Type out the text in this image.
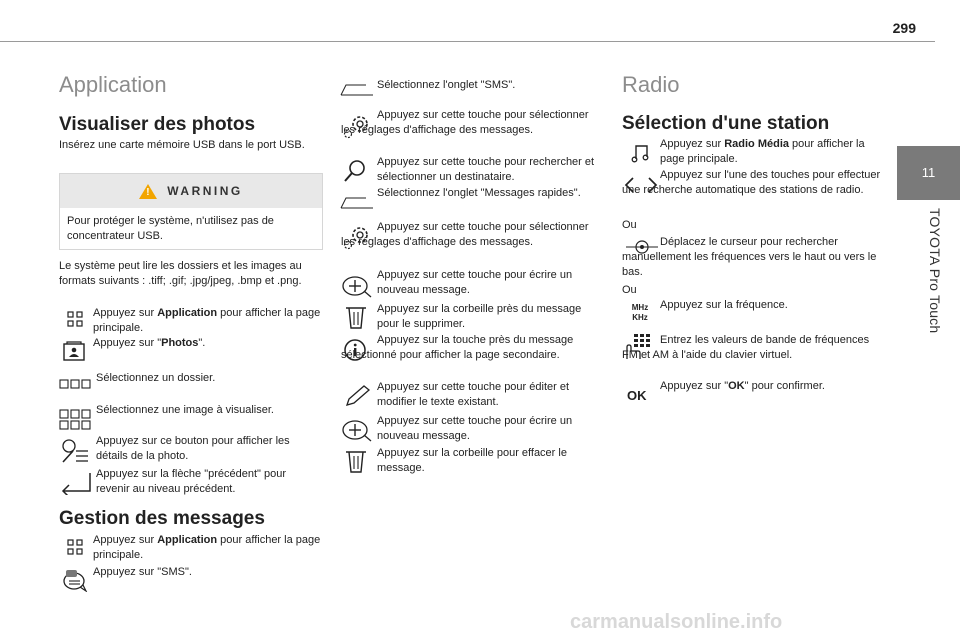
299
11
TOYOTA Pro Touch
Application
Visualiser des photos
Insérez une carte mémoire USB dans le port USB.
!
WARNING
Pour protéger le système, n'utilisez pas de concentrateur USB.
Le système peut lire les dossiers et les images au formats suivants : .tiff; .gif; .jpg/jpeg, .bmp et .png.
Appuyez sur Application pour afficher la page principale.
Appuyez sur "Photos".
Sélectionnez un dossier.
Sélectionnez une image à visualiser.
Appuyez sur ce bouton pour afficher les détails de la photo.
Appuyez sur la flèche "précédent" pour revenir au niveau précédent.
Gestion des messages
Appuyez sur Application pour afficher la page principale.
Appuyez sur "SMS".
Sélectionnez l'onglet "SMS".
Appuyez sur cette touche pour sélectionner les réglages d'affichage des messages.
Appuyez sur cette touche pour rechercher et sélectionner un destinataire.
Sélectionnez l'onglet "Messages rapides".
Appuyez sur cette touche pour sélectionner les réglages d'affichage des messages.
Appuyez sur cette touche pour écrire un nouveau message.
Appuyez sur la corbeille près du message pour le supprimer.
Appuyez sur la touche près du message sélectionné pour afficher la page secondaire.
Appuyez sur cette touche pour éditer et modifier le texte existant.
Appuyez sur cette touche pour écrire un nouveau message.
Appuyez sur la corbeille pour effacer le message.
Radio
Sélection d'une station
Appuyez sur Radio Média pour afficher la page principale.
Appuyez sur l'une des touches pour effectuer une recherche automatique des stations de radio.
Ou
Déplacez le curseur pour rechercher manuellement les fréquences vers le haut ou vers le bas.
Ou
MHz
KHz
Appuyez sur la fréquence.
Entrez les valeurs de bande de fréquences FM et AM à l'aide du clavier virtuel.
OK
Appuyez sur "OK" pour confirmer.
carmanualsonline.info
